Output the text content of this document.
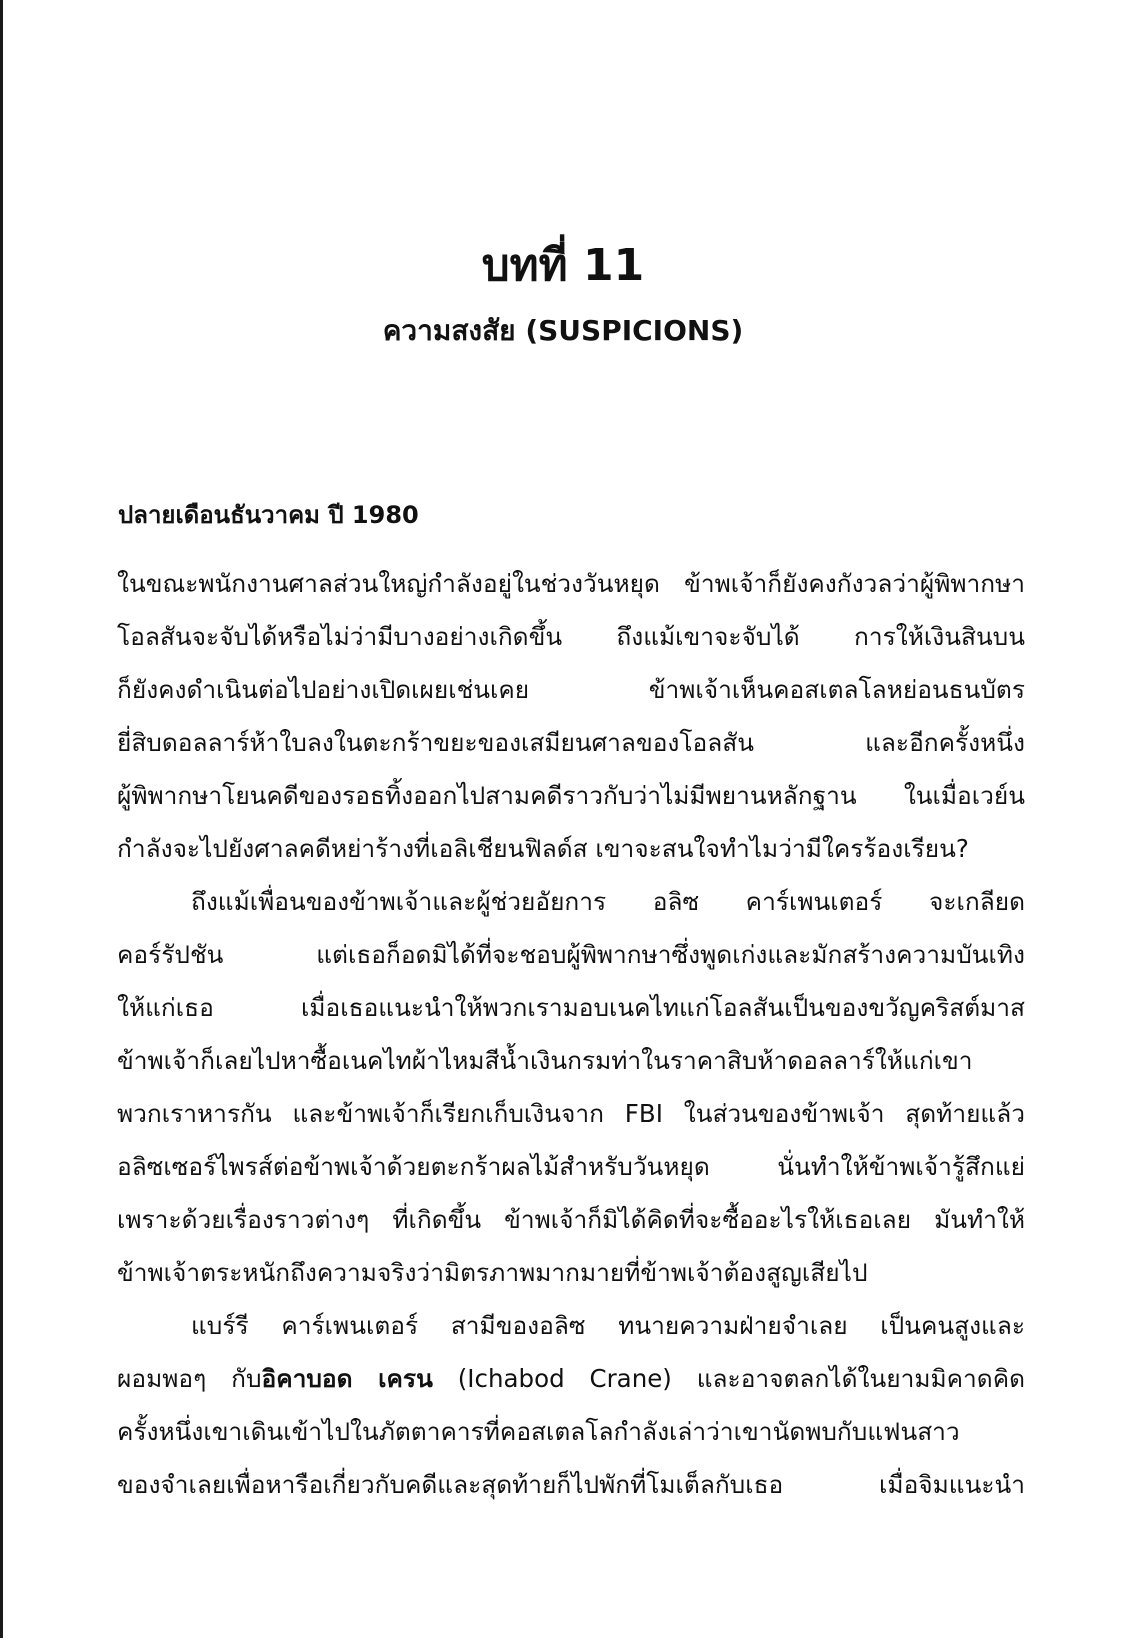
บทที่ 11
ความสงสัย (SUSPICIONS)
ปลายเดือนธันวาคม ปี 1980
ในขณะพนักงานศาลส่วนใหญ่กำลังอยู่ในช่วงวันหยุด ข้าพเจ้าก็ยังคงกังวลว่าผู้พิพากษา
โอลสันจะจับได้หรือไม่ว่ามีบางอย่างเกิดขึ้น ถึงแม้เขาจะจับได้ การให้เงินสินบน
ก็ยังคงดำเนินต่อไปอย่างเปิดเผยเช่นเคย ข้าพเจ้าเห็นคอสเตลโลหย่อนธนบัตร
ยี่สิบดอลลาร์ห้าใบลงในตะกร้าขยะของเสมียนศาลของโอลสัน และอีกครั้งหนึ่ง
ผู้พิพากษาโยนคดีของรอธทิ้งออกไปสามคดีราวกับว่าไม่มีพยานหลักฐาน ในเมื่อเวย์น
กำลังจะไปยังศาลคดีหย่าร้างที่เอลิเชียนฟิลด์ส เขาจะสนใจทำไมว่ามีใครร้องเรียน?
ถึงแม้เพื่อนของข้าพเจ้าและผู้ช่วยอัยการ อลิซ คาร์เพนเตอร์ จะเกลียด
คอร์รัปชัน แต่เธอก็อดมิได้ที่จะชอบผู้พิพากษาซึ่งพูดเก่งและมักสร้างความบันเทิง
ให้แก่เธอ เมื่อเธอแนะนำให้พวกเรามอบเนคไทแก่โอลสันเป็นของขวัญคริสต์มาส
ข้าพเจ้าก็เลยไปหาซื้อเนคไทผ้าไหมสีน้ำเงินกรมท่าในราคาสิบห้าดอลลาร์ให้แก่เขา
พวกเราหารกัน และข้าพเจ้าก็เรียกเก็บเงินจาก FBI ในส่วนของข้าพเจ้า สุดท้ายแล้ว
อลิซเซอร์ไพรส์ต่อข้าพเจ้าด้วยตะกร้าผลไม้สำหรับวันหยุด นั่นทำให้ข้าพเจ้ารู้สึกแย่
เพราะด้วยเรื่องราวต่างๆ ที่เกิดขึ้น ข้าพเจ้าก็มิได้คิดที่จะซื้ออะไรให้เธอเลย มันทำให้
ข้าพเจ้าตระหนักถึงความจริงว่ามิตรภาพมากมายที่ข้าพเจ้าต้องสูญเสียไป
แบร์รี คาร์เพนเตอร์ สามีของอลิซ ทนายความฝ่ายจำเลย เป็นคนสูงและ
ผอมพอๆ กับอิคาบอด เครน (Ichabod Crane) และอาจตลกได้ในยามมิคาดคิด
ครั้งหนึ่งเขาเดินเข้าไปในภัตตาคารที่คอสเตลโลกำลังเล่าว่าเขานัดพบกับแฟนสาว
ของจำเลยเพื่อหารือเกี่ยวกับคดีและสุดท้ายก็ไปพักที่โมเต็ลกับเธอ เมื่อจิมแนะนำ
